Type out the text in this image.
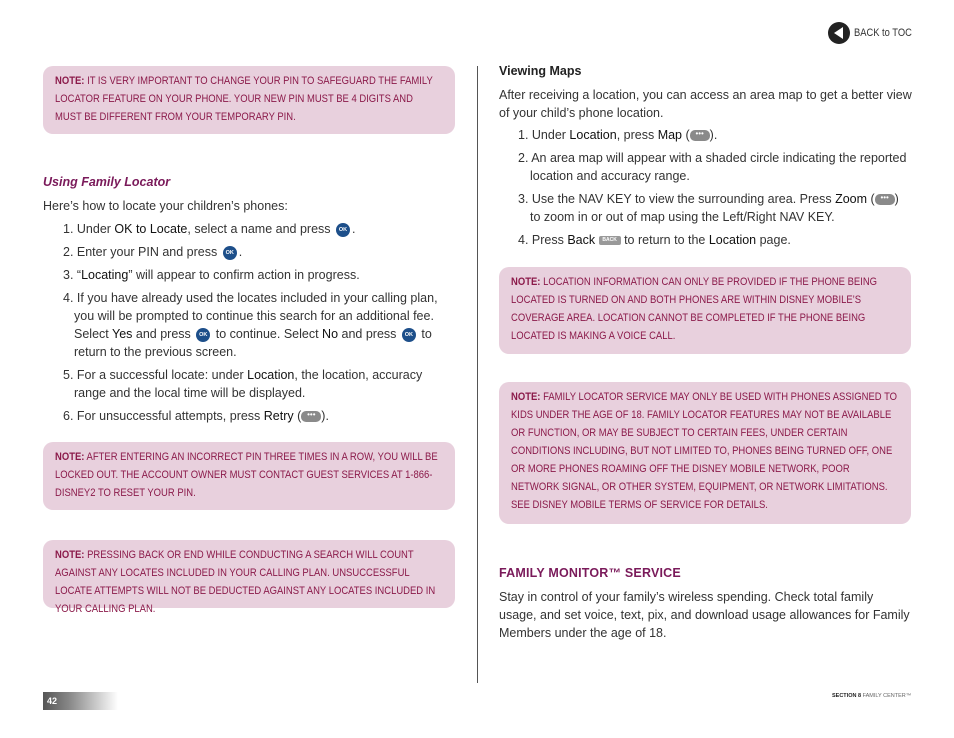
BACK to TOC
NOTE: IT IS VERY IMPORTANT TO CHANGE YOUR PIN TO SAFEGUARD THE FAMILY LOCATOR FEATURE ON YOUR PHONE. YOUR NEW PIN MUST BE 4 DIGITS AND MUST BE DIFFERENT FROM YOUR TEMPORARY PIN.
Using Family Locator
Here’s how to locate your children’s phones:
1. Under OK to Locate, select a name and press OK .
2. Enter your PIN and press OK .
3. “Locating” will appear to confirm action in progress.
4. If you have already used the locates included in your calling plan, you will be prompted to continue this search for an additional fee. Select Yes and press OK to continue. Select No and press OK to return to the previous screen.
5. For a successful locate: under Location, the location, accuracy range and the local time will be displayed.
6. For unsuccessful attempts, press Retry ( ••• ).
NOTE: AFTER ENTERING AN INCORRECT PIN THREE TIMES IN A ROW, YOU WILL BE LOCKED OUT. THE ACCOUNT OWNER MUST CONTACT GUEST SERVICES AT 1-866-DISNEY2 TO RESET YOUR PIN.
NOTE: PRESSING BACK OR END WHILE CONDUCTING A SEARCH WILL COUNT AGAINST ANY LOCATES INCLUDED IN YOUR CALLING PLAN. UNSUCCESSFUL LOCATE ATTEMPTS WILL NOT BE DEDUCTED AGAINST ANY LOCATES INCLUDED IN YOUR CALLING PLAN.
Viewing Maps
After receiving a location, you can access an area map to get a better view of your child’s phone location.
1. Under Location, press Map ( ••• ).
2. An area map will appear with a shaded circle indicating the reported location and accuracy range.
3. Use the NAV KEY to view the surrounding area. Press Zoom ( ••• ) to zoom in or out of map using the Left/Right NAV KEY.
4. Press Back BACK to return to the Location page.
NOTE: LOCATION INFORMATION CAN ONLY BE PROVIDED IF THE PHONE BEING LOCATED IS TURNED ON AND BOTH PHONES ARE WITHIN DISNEY MOBILE’S COVERAGE AREA. LOCATION CANNOT BE COMPLETED IF THE PHONE BEING LOCATED IS MAKING A VOICE CALL.
NOTE: FAMILY LOCATOR SERVICE MAY ONLY BE USED WITH PHONES ASSIGNED TO KIDS UNDER THE AGE OF 18. FAMILY LOCATOR FEATURES MAY NOT BE AVAILABLE OR FUNCTION, OR MAY BE SUBJECT TO CERTAIN FEES, UNDER CERTAIN CONDITIONS INCLUDING, BUT NOT LIMITED TO, PHONES BEING TURNED OFF, ONE OR MORE PHONES ROAMING OFF THE DISNEY MOBILE NETWORK, POOR NETWORK SIGNAL, OR OTHER SYSTEM, EQUIPMENT, OR NETWORK LIMITATIONS. SEE DISNEY MOBILE TERMS OF SERVICE FOR DETAILS.
FAMILY MONITOR™ SERVICE
Stay in control of your family’s wireless spending. Check total family usage, and set voice, text, pix, and download usage allowances for Family Members under the age of 18.
42	SECTION 8 FAMILY CENTER™
